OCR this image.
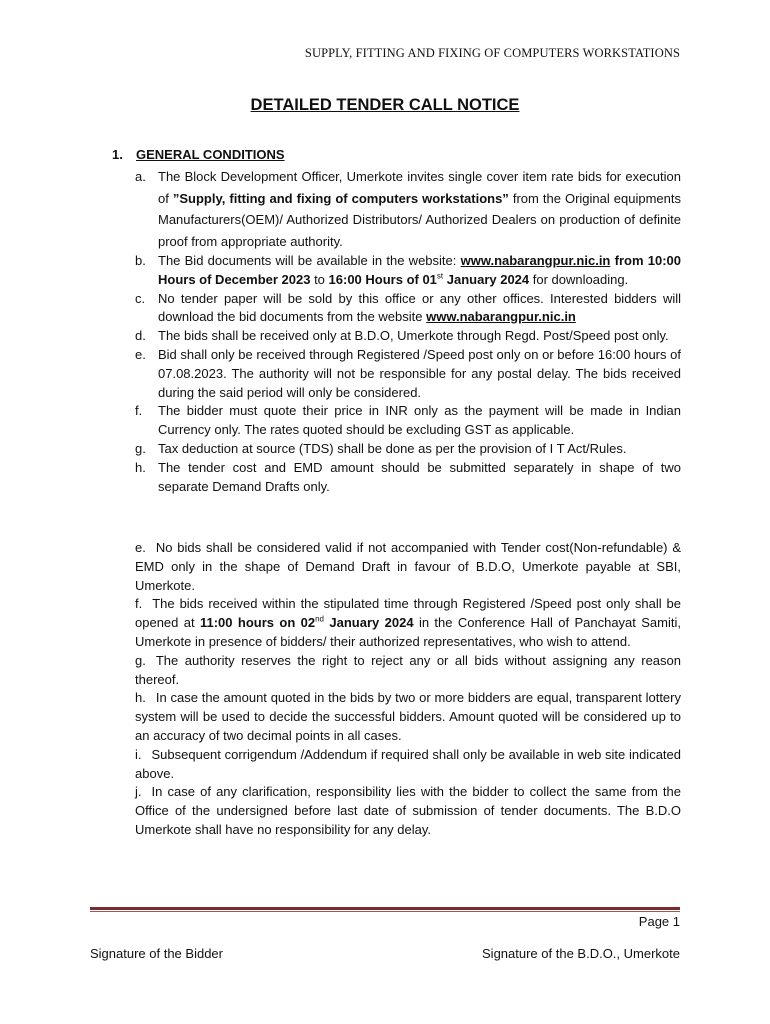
SUPPLY, FITTING AND FIXING OF COMPUTERS WORKSTATIONS
DETAILED TENDER CALL NOTICE
1. GENERAL CONDITIONS
a. The Block Development Officer, Umerkote invites single cover item rate bids for execution of ”Supply, fitting and fixing of computers workstations” from the Original equipments Manufacturers(OEM)/ Authorized Distributors/ Authorized Dealers on production of definite proof from appropriate authority.
b. The Bid documents will be available in the website: www.nabarangpur.nic.in from 10:00 Hours of December 2023 to 16:00 Hours of 01st January 2024 for downloading.
c. No tender paper will be sold by this office or any other offices. Interested bidders will download the bid documents from the website www.nabarangpur.nic.in
d. The bids shall be received only at B.D.O, Umerkote through Regd. Post/Speed post only.
e. Bid shall only be received through Registered /Speed post only on or before 16:00 hours of 07.08.2023. The authority will not be responsible for any postal delay. The bids received during the said period will only be considered.
f. The bidder must quote their price in INR only as the payment will be made in Indian Currency only. The rates quoted should be excluding GST as applicable.
g. Tax deduction at source (TDS) shall be done as per the provision of I T Act/Rules.
h. The tender cost and EMD amount should be submitted separately in shape of two separate Demand Drafts only.
e. No bids shall be considered valid if not accompanied with Tender cost(Non-refundable) & EMD only in the shape of Demand Draft in favour of B.D.O, Umerkote payable at SBI, Umerkote.
f. The bids received within the stipulated time through Registered /Speed post only shall be opened at 11:00 hours on 02nd January 2024 in the Conference Hall of Panchayat Samiti, Umerkote in presence of bidders/ their authorized representatives, who wish to attend.
g. The authority reserves the right to reject any or all bids without assigning any reason thereof.
h. In case the amount quoted in the bids by two or more bidders are equal, transparent lottery system will be used to decide the successful bidders. Amount quoted will be considered up to an accuracy of two decimal points in all cases.
i. Subsequent corrigendum /Addendum if required shall only be available in web site indicated above.
j. In case of any clarification, responsibility lies with the bidder to collect the same from the Office of the undersigned before last date of submission of tender documents. The B.D.O Umerkote shall have no responsibility for any delay.
Page 1
Signature of the Bidder	Signature of the B.D.O., Umerkote
